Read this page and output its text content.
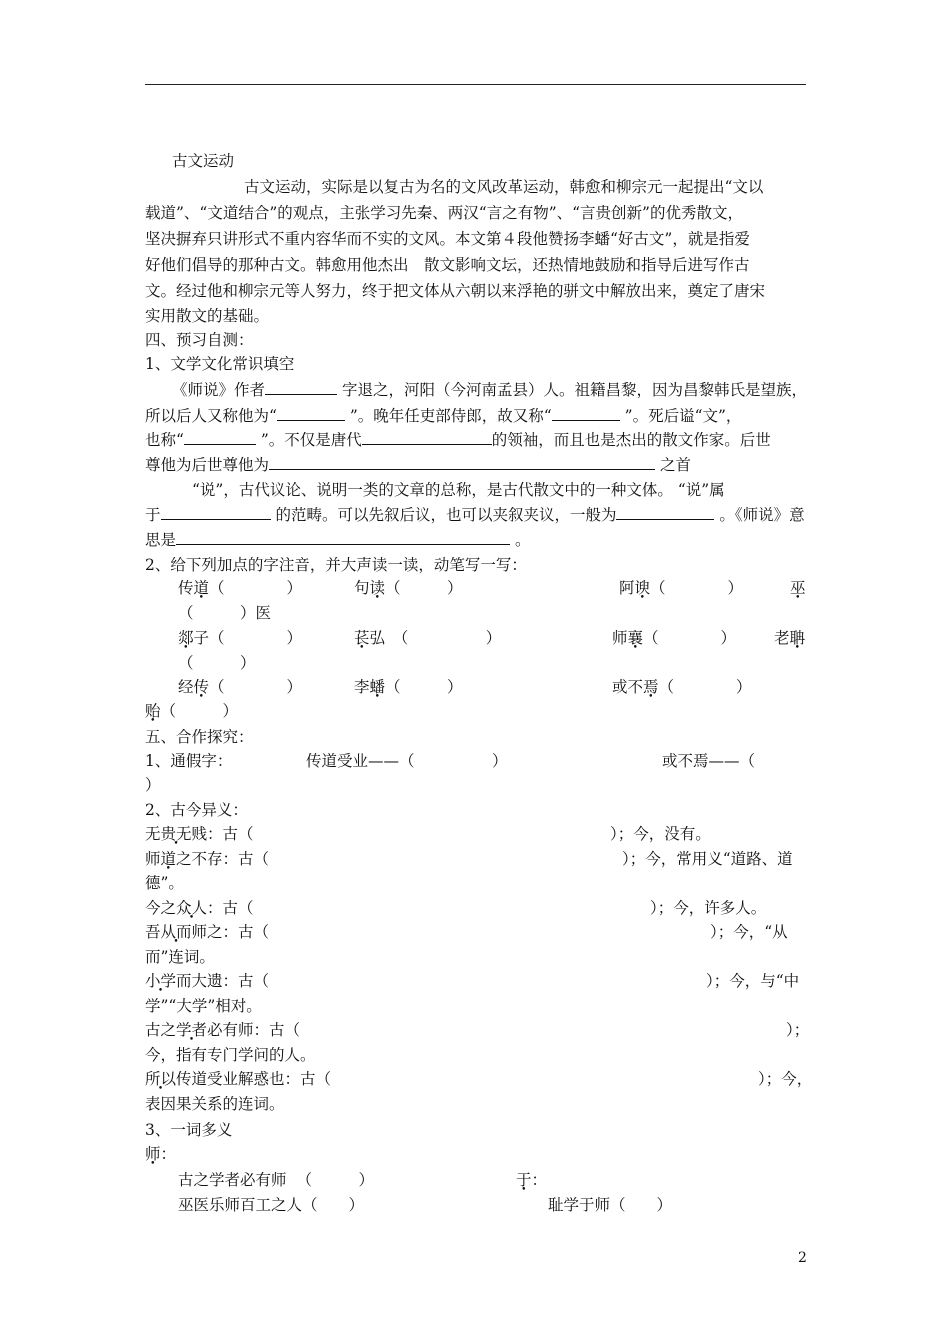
古文运动
古文运动，实际是以复古为名的文风改革运动，韩愈和柳宗元一起提出“文以
载道”、“文道结合”的观点，主张学习先秦、两汉“言之有物”、“言贵创新”的优秀散文，
坚决摒弃只讲形式不重内容华而不实的文风。本文第４段他赞扬李蟠“好古文”，就是指爱
好他们倡导的那种古文。韩愈用他杰出　散文影响文坛，还热情地鼓励和指导后进写作古
文。经过他和柳宗元等人努力，终于把文体从六朝以来浮艳的骈文中解放出来，奠定了唐宋
实用散文的基础。
四、预习自测：
1、文学文化常识填空
《师说》作者	字退之，河阳（今河南孟县）人。祖籍昌黎，因为昌黎韩氏是望族，
所以后人又称他为“	”。晚年任吏部侍郎，故又称“	”。死后谥“文”，
也称“	”。不仅是唐代	的领袖，而且也是杰出的散文作家。后世
尊他为后世尊他为	之首
“说”，古代议论、说明一类的文章的总称，是古代散文中的一种文体。 “说”属
于	的范畴。可以先叙后议，也可以夹叙夹议，一般为	。《师说》意
思是	。
2、给下列加点的字注音，并大声读一读，动笔写一写：
传道（　　　　）	句读（　　　）	阿谀（　　　　）	巫
（　　　）医
郯子（　　　　）	苌弘　（　　　　　）	师襄（　　　　） 老聃
（　　　）
经传（　　　　）	李蟠（　　　）	或不焉（　　　　）
贻（　　　）
五、合作探究：
1、通假字：	传道受业——（　　　　　）	或不焉——（
）
2、古今异义：
无贵无贱：古（	）；今，没有。
师道之不存：古（	）；今，常用义“道路、道
德”。
今之众人：古（	）；今，许多人。
吾从而师之：古（	）；今，“从
而”连词。
小学而大遗：古（	）；今，与“中
学”“大学”相对。
古之学者必有师：古（	）；
今，指有专门学问的人。
所以传道受业解惑也：古（	）；今，
表因果关系的连词。
3、一词多义
师：
古之学者必有师 （　　　）	于：
巫医乐师百工之人（　　）	耻学于师（　　）
2
